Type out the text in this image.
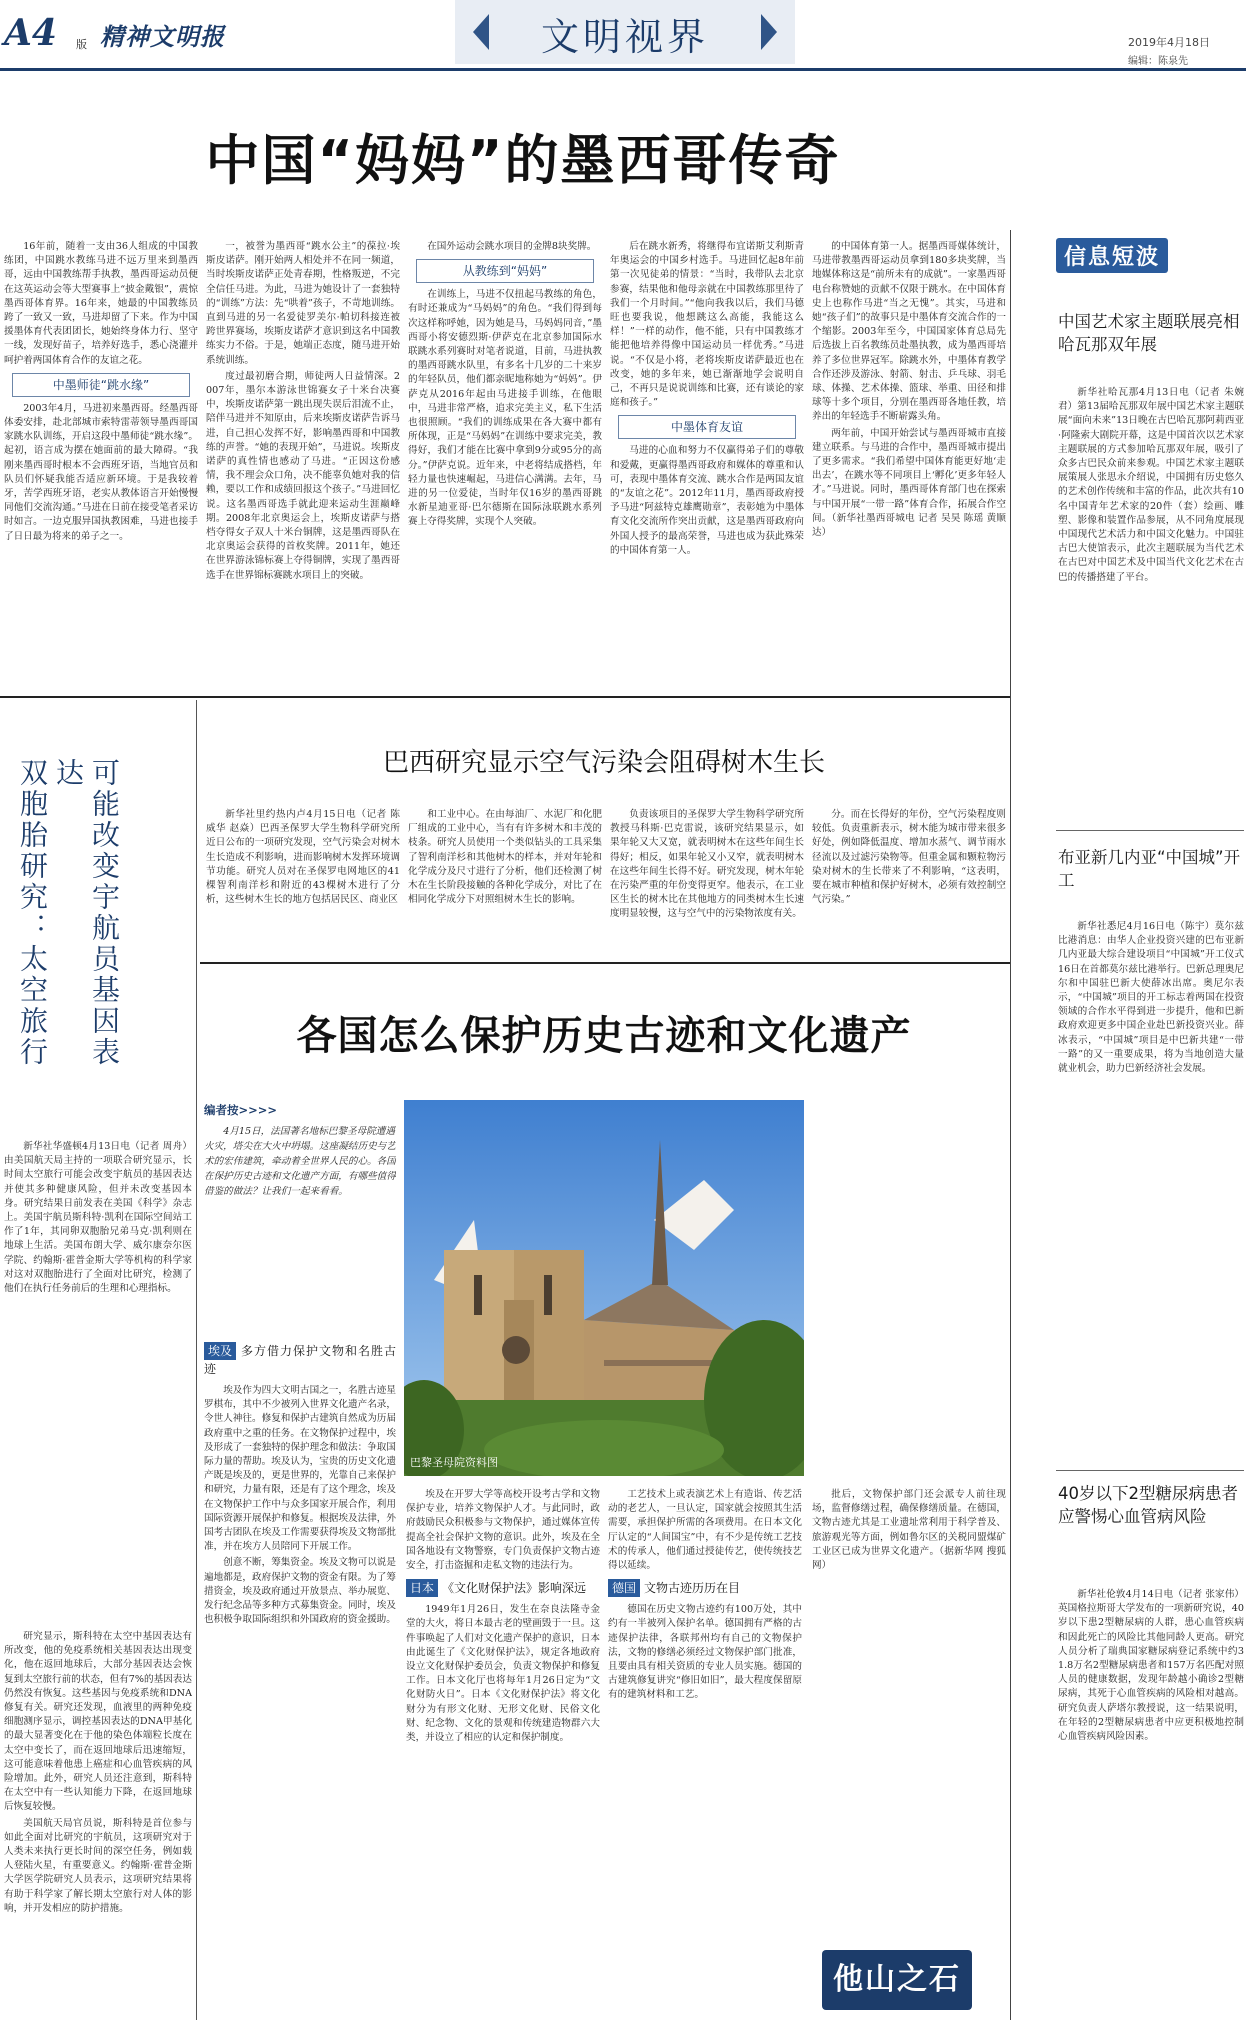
A4 版 精神文明报	文明视界	2019年4月18日
编辑：陈泉先
中国“妈妈”的墨西哥传奇

16年前，随着一支由36人组成的中国教练团，中国跳水教练马进不远万里来到墨西哥，远由中国教练帮手执教，墨西哥运动员便在这英运动会等大型赛事上“披金戴银”，震惊墨西哥体育界。16年来，她最的中国教练员跨了一致又一致，马进却留了下来。作为中国援墨体育代表团团长，她始终身体力行、坚守一线，发现好苗子，培养好选手，悉心浇灌并呵护着两国体育合作的友谊之花。

中墨师徒“跳水缘”

2003年4月，马进初来墨西哥。经墨西哥体委安排，赴北部城市索特雷蒂领导墨西哥国家跳水队训练，开启这段中墨师徒“跳水缘”。起初，语言成为摆在她面前的最大障碍。“我刚来墨西哥时根本不会西班牙语，当地官员和队员们怀疑我能否适应新环境。于是我较着牙，苦学西班牙语，老实从教体语言开始慢慢同他们交流沟通。”马进在日前在接受笔者采访时如言。一边克服异国执教困难，马进也接手了日日最为将来的弟子之一。

一，被誉为墨西哥“跳水公主”的葆拉·埃斯皮诺萨。刚开始两人相处并不在同一频道，当时埃斯皮诺萨正处青春期，性格叛逆，不完全信任马进。为此，马进为她设计了一套独特的“训练”方法：先“哄着”孩子，不苛地训练。直到马进的另一名爱徒罗美尔·帕切科接连被跨世界赛场，埃斯皮诺萨才意识到这名中国教练实力不俗。于是，她端正态度，随马进开始系统训练。

度过最初磨合期，师徒两人日益情深。2007年，墨尔本游泳世锦赛女子十米台决赛中，埃斯皮诺萨第一跳出现失误后泪流不止，陪伴马进并不知原由，后来埃斯皮诺萨告诉马进，自己担心发挥不好，影响墨西哥和中国教练的声誉。“她的表现开始”，马进说。埃斯皮诺萨的真性情也感动了马进。“正因这份感情，我不理会众口角，决不能辜负她对我的信赖，要以工作和成绩回报这个孩子。”马进回忆说。这名墨西哥选手就此迎来运动生涯巅峰期。2008年北京奥运会上，埃斯皮诺萨与搭档夺得女子双人十米台铜牌，这是墨西哥队在北京奥运会获得的首枚奖牌。2011年，她还在世界游泳锦标赛上夺得铜牌，实现了墨西哥选手在世界锦标赛跳水项目上的突破。

在国外运动会跳水项目的金牌8块奖牌。

从教练到“妈妈”

在训练上，马进不仅扭起马教练的角色，有时还兼成为“马妈妈”的角色。“我们得到每次这样称呼她，因为她是马，马妈妈同音，”墨西哥小将安德烈斯·伊萨克在北京参加国际水联跳水系列赛时对笔者说道，目前，马进执教的墨西哥跳水队里，有多名十几岁的二十来岁的年轻队员，他们都亲昵地称她为“妈妈”。伊萨克从2016年起由马进接手训练，在他眼中，马进非常严格，追求完美主义，私下生活也很照顾。“我们的训练成果在各大赛中都有所体现，正是“马妈妈”在训练中要求完美，教得好，我们才能在比赛中拿到9分或95分的高分。”伊萨克说。近年来，中老将结成搭档，年轻力量也快速崛起，马进信心满满。去年，马进的另一位爱徒，当时年仅16岁的墨西哥跳水新星迪亚哥·巴尔德斯在国际泳联跳水系列赛上夺得奖牌，实现个人突破。

后在跳水新秀，将继得布宜诺斯艾利斯青年奥运会的中国乡村选手。马进回忆起8年前第一次见徒弟的情景：“当时，我带队去北京参赛，结果他和他母亲就在中国教练那里待了我们一个月时间。”“他向我我以后，我们马德旺也要我说，他想跳这么高能，我能这么样！”一样的动作，他不能，只有中国教练才能把他培养得像中国运动员一样优秀。”马进说。“不仅是小将，老将埃斯皮诺萨最近也在改变，她的多年来，她已渐渐地学会说明自己，不再只是说说训练和比赛，还有谈论的家庭和孩子。”

中墨体育友谊

马进的心血和努力不仅赢得弟子们的尊敬和爱戴，更赢得墨西哥政府和媒体的尊重和认可，表现中墨体育交流、跳水合作是两国友谊的“友谊之花”。2012年11月，墨西哥政府授予马进“阿兹特克雄鹰勋章”，表彰她为中墨体育文化交流所作突出贡献，这是墨西哥政府向外国人授予的最高荣誉，马进也成为获此殊荣的中国体育第一人。

的中国体育第一人。据墨西哥媒体统计，马进带教墨西哥运动员拿到180多块奖牌，当地媒体称这是“前所未有的成就”。一家墨西哥电台称赞她的贡献不仅限于跳水。在中国体育史上也称作马进“当之无愧”。其实，马进和她“孩子们”的故事只是中墨体育交流合作的一个缩影。2003年至今，中国国家体育总局先后选拔上百名教练员赴墨执教，成为墨西哥培养了多位世界冠军。除跳水外，中墨体育教学合作还涉及游泳、射箭、射击、乒乓球、羽毛球、体操、艺术体操、篮球、举重、田径和排球等十多个项目，分别在墨西哥各地任教，培养出的年轻选手不断崭露头角。

两年前，中国开始尝试与墨西哥城市直接建立联系。与马进的合作中，墨西哥城市提出了更多需求。“我们希望中国体育能更好地‘走出去’，在跳水等不同项目上‘孵化’更多年轻人才。”马进说。同时，墨西哥体育部门也在探索与中国开展“一带一路”体育合作，拓展合作空间。（新华社墨西哥城电 记者 吴昊 陈瑶 黄顺达）

可能改变宇航员基因表达
双胞胎研究：太空旅行

新华社华盛顿4月13日电（记者 周舟）由美国航天局主持的一项联合研究显示，长时间太空旅行可能会改变宇航员的基因表达并使其多种健康风险，但并未改变基因本身。研究结果日前发表在美国《科学》杂志上。美国宇航员斯科特·凯利在国际空间站工作了1年，其同卵双胞胎兄弟马克·凯利则在地球上生活。美国布朗大学、威尔康奈尔医学院、约翰斯·霍普金斯大学等机构的科学家对这对双胞胎进行了全面对比研究，检测了他们在执行任务前后的生理和心理指标。

研究显示，斯科特在太空中基因表达有所改变，他的免疫系统相关基因表达出现变化，他在返回地球后，大部分基因表达会恢复到太空旅行前的状态，但有7%的基因表达仍然没有恢复。这些基因与免疫系统和DNA修复有关。研究还发现，血液里的两种免疫细胞测序显示，调控基因表达的DNA甲基化的最大显著变化在于他的染色体端粒长度在太空中变长了，而在返回地球后迅速缩短，这可能意味着他患上癌症和心血管疾病的风险增加。此外，研究人员还注意到，斯科特在太空中有一些认知能力下降，在返回地球后恢复较慢。

美国航天局官员说，斯科特是首位参与如此全面对比研究的宇航员，这项研究对于人类未来执行更长时间的深空任务，例如载人登陆火星，有重要意义。约翰斯·霍普金斯大学医学院研究人员表示，这项研究结果将有助于科学家了解长期太空旅行对人体的影响，并开发相应的防护措施。

巴西研究显示空气污染会阻碍树木生长

新华社里约热内卢4月15日电（记者 陈威华 赵焱）巴西圣保罗大学生物科学研究所近日公布的一项研究发现，空气污染会对树木生长造成不利影响，进而影响树木发挥环境调节功能。研究人员对在圣保罗电网地区的41棵智利南洋杉和附近的43棵树木进行了分析，这些树木生长的地方包括居民区、商业区

和工业中心。在由每油厂、水泥厂和化肥厂组成的工业中心，当有有许多树木和丰茂的枝条。研究人员使用一个类似钻头的工具采集了智利南洋杉和其他树木的样本，并对年轮和化学成分及尺寸进行了分析，他们还检测了树木在生长阶段接触的各种化学成分，对比了在相同化学成分下对照组树木生长的影响。

负责该项目的圣保罗大学生物科学研究所教授马科斯·巴克雷说，该研究结果显示，如果年轮又大又宽，就表明树木在这些年间生长得好；相反，如果年轮又小又窄，就表明树木在这些年间生长得不好。研究发现，树木年轮在污染严重的年份变得更窄。他表示，在工业区生长的树木比在其他地方的同类树木生长速度明显较慢，这与空气中的污染物浓度有关。

分。而在长得好的年份，空气污染程度则较低。负责重新表示，树木能为城市带来很多好处，例如降低温度、增加水蒸气、调节雨水径流以及过滤污染物等。但重金属和颗粒物污染对树木的生长带来了不利影响，“这表明，要在城市种植和保护好树木，必须有效控制空气污染。”

各国怎么保护历史古迹和文化遗产
编者按>>>>

4月15日，法国著名地标巴黎圣母院遭遇火灾，塔尖在大火中坍塌。这座凝结历史与艺术的宏伟建筑，牵动着全世界人民的心。各国在保护历史古迹和文化遗产方面，有哪些值得借鉴的做法？让我们一起来看看。

巴黎圣母院资料图
埃及 多方借力保护文物和名胜古迹

埃及作为四大文明古国之一，名胜古迹星罗棋布，其中不少被列入世界文化遗产名录，令世人神往。修复和保护古建筑自然成为历届政府重中之重的任务。在文物保护过程中，埃及形成了一套独特的保护理念和做法：争取国际力量的帮助。埃及认为，宝贵的历史文化遗产既是埃及的，更是世界的，光靠自己来保护和研究，力量有限，还是有了这个理念，埃及在文物保护工作中与众多国家开展合作，利用国际资源开展保护和修复。根据埃及法律，外国考古团队在埃及工作需要获得埃及文物部批准，并在埃方人员陪同下开展工作。

创意不断，筹集资金。埃及文物可以说是遍地都是，政府保护文物的资金有限。为了筹措资金，埃及政府通过开放景点、举办展览、发行纪念品等多种方式募集资金。同时，埃及也积极争取国际组织和外国政府的资金援助。

埃及在开罗大学等高校开设考古学和文物保护专业，培养文物保护人才。与此同时，政府鼓励民众积极参与文物保护，通过媒体宣传提高全社会保护文物的意识。此外，埃及在全国各地设有文物警察，专门负责保护文物古迹安全，打击盗掘和走私文物的违法行为。

日本 《文化财保护法》影响深远

1949年1月26日，发生在奈良法隆寺金堂的大火，将日本最古老的壁画毁于一旦。这件事唤起了人们对文化遗产保护的意识，日本由此诞生了《文化财保护法》，规定各地政府设立文化财保护委员会，负责文物保护和修复工作。日本文化厅也将每年1月26日定为“文化财防火日”。日本《文化财保护法》将文化财分为有形文化财、无形文化财、民俗文化财、纪念物、文化的景观和传统建造物群六大类，并设立了相应的认定和保护制度。

工艺技术上或表演艺术上有造诣、传艺活动的老艺人，一旦认定，国家就会按照其生活需要，承担保护所需的各项费用。在日本文化厅认定的“人间国宝”中，有不少是传统工艺技术的传承人，他们通过授徒传艺，使传统技艺得以延续。

德国 文物古迹历历在目

德国在历史文物古迹约有100万处，其中约有一半被列入保护名单。德国拥有严格的古迹保护法律，各联邦州均有自己的文物保护法，文物的修缮必须经过文物保护部门批准，且要由具有相关资质的专业人员实施。德国的古建筑修复讲究“修旧如旧”，最大程度保留原有的建筑材料和工艺。

批后，文物保护部门还会派专人前往现场，监督修缮过程，确保修缮质量。在德国，文物古迹尤其是工业遗址常利用于科学普及、旅游观光等方面，例如鲁尔区的关税同盟煤矿工业区已成为世界文化遗产。（据新华网 搜狐网）

他山之石
信息短波
中国艺术家主题联展亮相哈瓦那双年展

新华社哈瓦那4月13日电（记者 朱婉君）第13届哈瓦那双年展中国艺术家主题联展“面向未来”13日晚在古巴哈瓦那阿莉西亚·阿隆索大剧院开幕，这是中国首次以艺术家主题联展的方式参加哈瓦那双年展，吸引了众多古巴民众前来参观。中国艺术家主题联展策展人张思永介绍说，中国拥有历史悠久的艺术创作传统和丰富的作品，此次共有10名中国青年艺术家的20件（套）绘画、雕塑、影像和装置作品参展，从不同角度展现中国现代艺术活力和中国文化魅力。中国驻古巴大使馆表示，此次主题联展为当代艺术在古巴对中国艺术及中国当代文化艺术在古巴的传播搭建了平台。

布亚新几内亚“中国城”开工

新华社悉尼4月16日电（陈宇）莫尔兹比港消息：由华人企业投资兴建的巴布亚新几内亚最大综合建设项目“中国城”开工仪式16日在首都莫尔兹比港举行。巴新总理奥尼尔和中国驻巴新大使薛冰出席。奥尼尔表示，“中国城”项目的开工标志着两国在投资领域的合作水平得到进一步提升，他和巴新政府欢迎更多中国企业赴巴新投资兴业。薛冰表示，“中国城”项目是中巴新共建“一带一路”的又一重要成果，将为当地创造大量就业机会，助力巴新经济社会发展。

40岁以下2型糖尿病患者应警惕心血管病风险

新华社伦敦4月14日电（记者 张家伟）英国格拉斯哥大学发布的一项新研究说，40岁以下患2型糖尿病的人群，患心血管疾病和因此死亡的风险比其他同龄人更高。研究人员分析了瑞典国家糖尿病登记系统中约31.8万名2型糖尿病患者和157万名匹配对照人员的健康数据，发现年龄越小确诊2型糖尿病，其死于心血管疾病的风险相对越高。研究负责人萨塔尔教授说，这一结果说明，在年轻的2型糖尿病患者中应更积极地控制心血管疾病风险因素。
